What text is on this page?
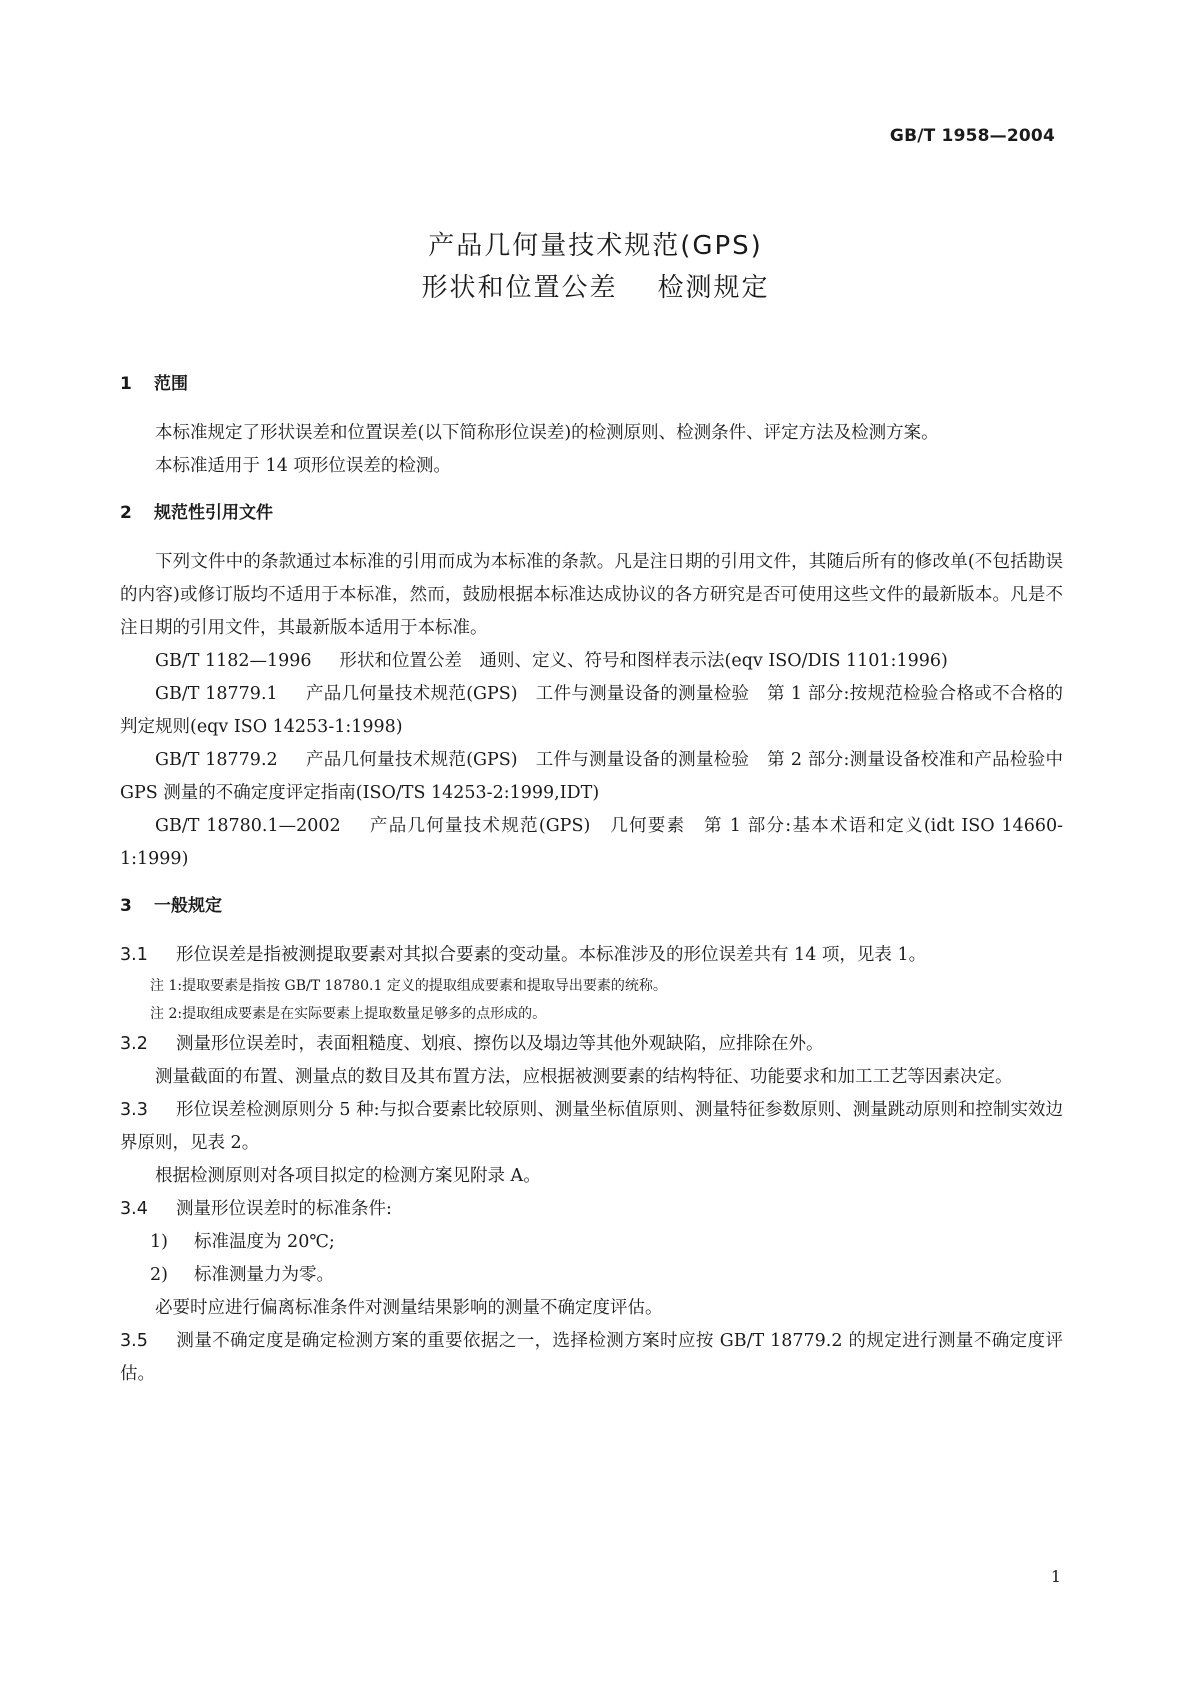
GB/T 1958—2004
产品几何量技术规范(GPS)
形状和位置公差 检测规定
1 范围

本标准规定了形状误差和位置误差(以下简称形位误差)的检测原则、检测条件、评定方法及检测方案。

本标准适用于 14 项形位误差的检测。

2 规范性引用文件

下列文件中的条款通过本标准的引用而成为本标准的条款。凡是注日期的引用文件，其随后所有的修改单(不包括勘误的内容)或修订版均不适用于本标准，然而，鼓励根据本标准达成协议的各方研究是否可使用这些文件的最新版本。凡是不注日期的引用文件，其最新版本适用于本标准。

GB/T 1182—1996 形状和位置公差　通则、定义、符号和图样表示法(eqv ISO/DIS 1101:1996)

GB/T 18779.1 产品几何量技术规范(GPS)　工件与测量设备的测量检验　第 1 部分:按规范检验合格或不合格的判定规则(eqv ISO 14253-1:1998)

GB/T 18779.2 产品几何量技术规范(GPS)　工件与测量设备的测量检验　第 2 部分:测量设备校准和产品检验中 GPS 测量的不确定度评定指南(ISO/TS 14253-2:1999,IDT)

GB/T 18780.1—2002 产品几何量技术规范(GPS)　几何要素　第 1 部分:基本术语和定义(idt ISO 14660-1:1999)

3 一般规定

3.1 形位误差是指被测提取要素对其拟合要素的变动量。本标准涉及的形位误差共有 14 项，见表 1。

注 1:提取要素是指按 GB/T 18780.1 定义的提取组成要素和提取导出要素的统称。

注 2:提取组成要素是在实际要素上提取数量足够多的点形成的。

3.2 测量形位误差时，表面粗糙度、划痕、擦伤以及塌边等其他外观缺陷，应排除在外。

测量截面的布置、测量点的数目及其布置方法，应根据被测要素的结构特征、功能要求和加工工艺等因素决定。

3.3 形位误差检测原则分 5 种:与拟合要素比较原则、测量坐标值原则、测量特征参数原则、测量跳动原则和控制实效边界原则，见表 2。

根据检测原则对各项目拟定的检测方案见附录 A。

3.4 测量形位误差时的标准条件:

1) 标准温度为 20℃;

2) 标准测量力为零。

必要时应进行偏离标准条件对测量结果影响的测量不确定度评估。

3.5 测量不确定度是确定检测方案的重要依据之一，选择检测方案时应按 GB/T 18779.2 的规定进行测量不确定度评估。

1
